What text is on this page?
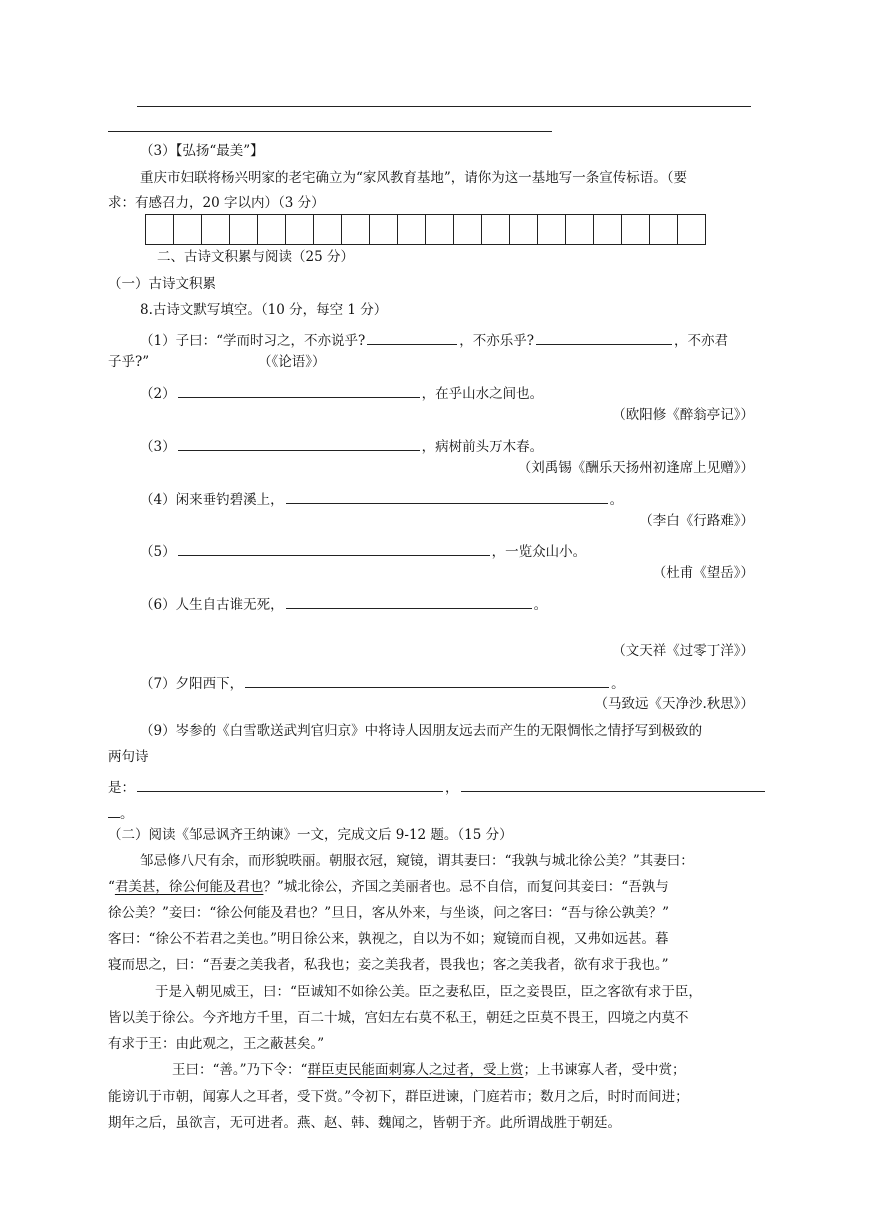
（3）【弘扬“最美”】
重庆市妇联将杨兴明家的老宅确立为“家风教育基地”，请你为这一基地写一条宣传标语。（要
求：有感召力，20 字以内）（3 分）
二、古诗文积累与阅读（25 分）
（一）古诗文积累
8.古诗文默写填空。（10 分，每空 1 分）
（1）子曰：“学而时习之，不亦说乎?	，不亦乐乎?	，不亦君
子乎?”	（《论语》）
（2）	，在乎山水之间也。
（欧阳修《醉翁亭记》）
（3）	，病树前头万木春。
（刘禹锡《酬乐天扬州初逢席上见赠》）
（4）闲来垂钓碧溪上，	。
（李白《行路难》）
（5）	，一览众山小。
（杜甫《望岳》）
（6）人生自古谁无死，	。
（文天祥《过零丁洋》）
（7）夕阳西下，	。
（马致远《天净沙.秋思》）
（9）岑参的《白雪歌送武判官归京》中将诗人因朋友远去而产生的无限惆怅之情抒写到极致的
两句诗
是：	，
。
（二）阅读《邹忌讽齐王纳谏》一文，完成文后 9-12 题。（15 分）
邹忌修八尺有余，而形貌昳丽。朝服衣冠，窥镜，谓其妻曰：“我孰与城北徐公美？”其妻曰：
“君美甚，徐公何能及君也？”城北徐公，齐国之美丽者也。忌不自信，而复问其妾曰：“吾孰与
徐公美？”妾曰：“徐公何能及君也？”旦日，客从外来，与坐谈，问之客曰：“吾与徐公孰美？”
客曰：“徐公不若君之美也。”明日徐公来，孰视之，自以为不如；窥镜而自视，又弗如远甚。暮
寝而思之，曰：“吾妻之美我者，私我也；妾之美我者，畏我也；客之美我者，欲有求于我也。”
于是入朝见威王，曰：“臣诚知不如徐公美。臣之妻私臣，臣之妾畏臣，臣之客欲有求于臣，
皆以美于徐公。今齐地方千里，百二十城，宫妇左右莫不私王，朝廷之臣莫不畏王，四境之内莫不
有求于王：由此观之，王之蔽甚矣。”
王曰：“善。”乃下令：“群臣吏民能面刺寡人之过者，受上赏；上书谏寡人者，受中赏；
能谤讥于市朝，闻寡人之耳者，受下赏。”令初下，群臣进谏，门庭若市；数月之后，时时而间进；
期年之后，虽欲言，无可进者。燕、赵、韩、魏闻之，皆朝于齐。此所谓战胜于朝廷。
